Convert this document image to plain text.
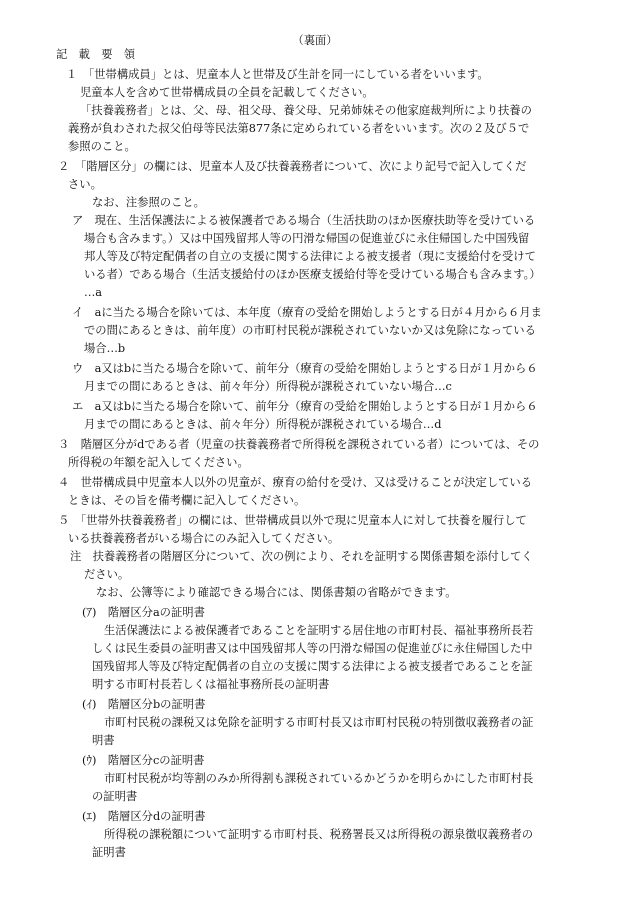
（裏面）
記　載　要　領
１　「世帯構成員」とは、児童本人と世帯及び生計を同一にしている者をいいます。
児童本人を含めて世帯構成員の全員を記載してください。
「扶養義務者」とは、父、母、祖父母、養父母、兄弟姉妹その他家庭裁判所により扶養の
義務が負わされた叔父伯母等民法第877条に定められている者をいいます。次の２及び５で
参照のこと。
２　「階層区分」の欄には、児童本人及び扶養義務者について、次により記号で記入してくだ
さい。
なお、注参照のこと。
ア　現在、生活保護法による被保護者である場合（生活扶助のほか医療扶助等を受けている
場合も含みます。）又は中国残留邦人等の円滑な帰国の促進並びに永住帰国した中国残留
邦人等及び特定配偶者の自立の支援に関する法律による被支援者（現に支援給付を受けて
いる者）である場合（生活支援給付のほか医療支援給付等を受けている場合も含みます。）
…a
イ　aに当たる場合を除いては、本年度（療育の受給を開始しようとする日が４月から６月ま
での間にあるときは、前年度）の市町村民税が課税されていないか又は免除になっている
場合…b
ウ　a又はbに当たる場合を除いて、前年分（療育の受給を開始しようとする日が１月から６
月までの間にあるときは、前々年分）所得税が課税されていない場合…c
エ　a又はbに当たる場合を除いて、前年分（療育の受給を開始しようとする日が１月から６
月までの間にあるときは、前々年分）所得税が課税されている場合…d
３　階層区分がdである者（児童の扶養義務者で所得税を課税されている者）については、その
所得税の年額を記入してください。
４　世帯構成員中児童本人以外の児童が、療育の給付を受け、又は受けることが決定している
ときは、その旨を備考欄に記入してください。
５　「世帯外扶養義務者」の欄には、世帯構成員以外で現に児童本人に対して扶養を履行して
いる扶養義務者がいる場合にのみ記入してください。
注　扶養義務者の階層区分について、次の例により、それを証明する関係書類を添付してく
ださい。
なお、公簿等により確認できる場合には、関係書類の省略ができます。
(ｱ)　階層区分aの証明書
生活保護法による被保護者であることを証明する居住地の市町村長、福祉事務所長若
しくは民生委員の証明書又は中国残留邦人等の円滑な帰国の促進並びに永住帰国した中
国残留邦人等及び特定配偶者の自立の支援に関する法律による被支援者であることを証
明する市町村長若しくは福祉事務所長の証明書
(ｲ)　階層区分bの証明書
市町村民税の課税又は免除を証明する市町村長又は市町村民税の特別徴収義務者の証
明書
(ｳ)　階層区分cの証明書
市町村民税が均等割のみか所得割も課税されているかどうかを明らかにした市町村長
の証明書
(ｴ)　階層区分dの証明書
所得税の課税額について証明する市町村長、税務署長又は所得税の源泉徴収義務者の
証明書
